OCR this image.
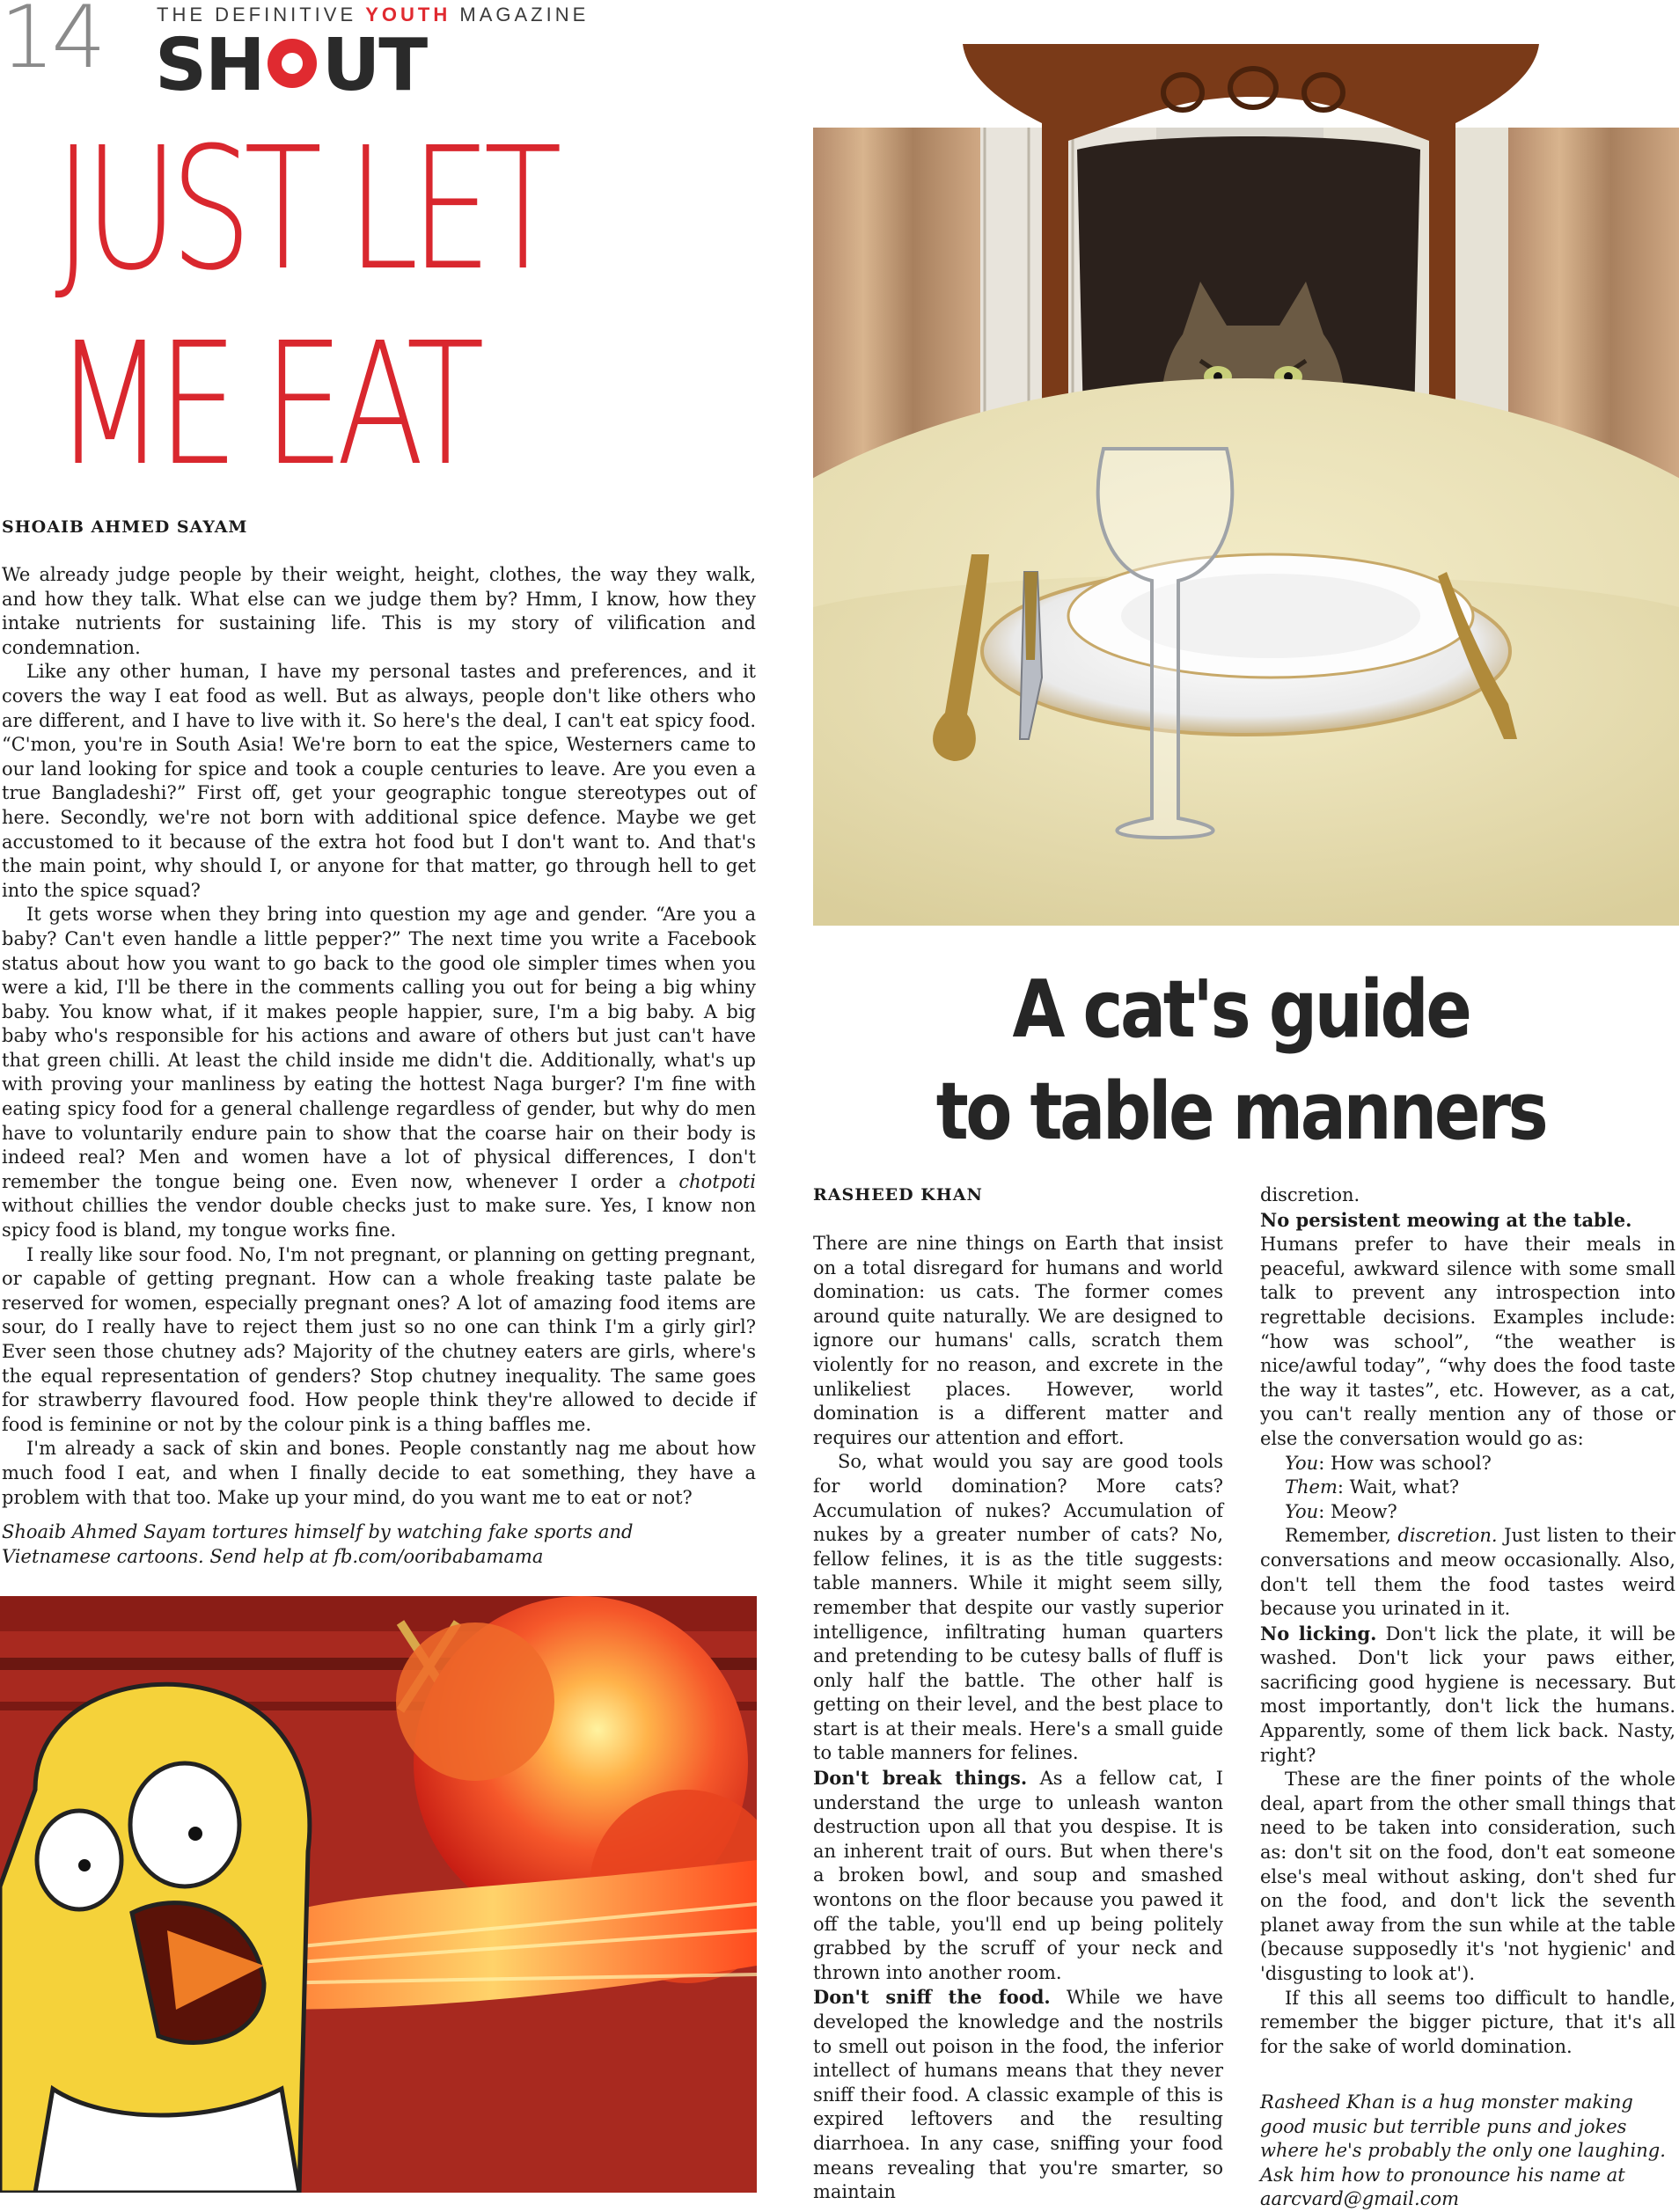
14	THE DEFINITIVE YOUTH MAGAZINE
SH UT
JUST LET
ME EAT
SHOAIB AHMED SAYAM

We already judge people by their weight, height, clothes, the way they walk, and how they talk. What else can we judge them by? Hmm, I know, how they intake nutrients for sustaining life. This is my story of vilification and condemnation.

Like any other human, I have my personal tastes and preferences, and it covers the way I eat food as well. But as always, people don't like others who are different, and I have to live with it. So here's the deal, I can't eat spicy food. “C'mon, you're in South Asia! We're born to eat the spice, Westerners came to our land looking for spice and took a couple centuries to leave. Are you even a true Bangladeshi?” First off, get your geographic tongue stereotypes out of here. Secondly, we're not born with additional spice defence. Maybe we get accustomed to it because of the extra hot food but I don't want to. And that's the main point, why should I, or anyone for that matter, go through hell to get into the spice squad?

It gets worse when they bring into question my age and gender. “Are you a baby? Can't even handle a little pepper?” The next time you write a Facebook status about how you want to go back to the good ole simpler times when you were a kid, I'll be there in the comments calling you out for being a big whiny baby. You know what, if it makes people happier, sure, I'm a big baby. A big baby who's responsible for his actions and aware of others but just can't have that green chilli. At least the child inside me didn't die. Additionally, what's up with proving your manliness by eating the hottest Naga burger? I'm fine with eating spicy food for a general challenge regardless of gender, but why do men have to voluntarily endure pain to show that the coarse hair on their body is indeed real? Men and women have a lot of physical differences, I don't remember the tongue being one. Even now, whenever I order a chotpoti without chillies the vendor double checks just to make sure. Yes, I know non spicy food is bland, my tongue works fine.

I really like sour food. No, I'm not pregnant, or planning on getting pregnant, or capable of getting pregnant. How can a whole freaking taste palate be reserved for women, especially pregnant ones? A lot of amazing food items are sour, do I really have to reject them just so no one can think I'm a girly girl? Ever seen those chutney ads? Majority of the chutney eaters are girls, where's the equal representation of genders? Stop chutney inequality. The same goes for strawberry flavoured food. How people think they're allowed to decide if food is feminine or not by the colour pink is a thing baffles me.

I'm already a sack of skin and bones. People constantly nag me about how much food I eat, and when I finally decide to eat something, they have a problem with that too. Make up your mind, do you want me to eat or not?

Shoaib Ahmed Sayam tortures himself by watching fake sports and Vietnamese cartoons. Send help at fb.com/ooribabamama
A cat's guide
to table manners
RASHEED KHAN

There are nine things on Earth that insist on a total disregard for humans and world domination: us cats. The former comes around quite naturally. We are designed to ignore our humans' calls, scratch them violently for no reason, and excrete in the unlikeliest places. However, world domination is a different matter and requires our attention and effort.

So, what would you say are good tools for world domination? More cats? Accumulation of nukes? Accumulation of nukes by a greater number of cats? No, fellow felines, it is as the title suggests: table manners. While it might seem silly, remember that despite our vastly superior intelligence, infiltrating human quarters and pretending to be cutesy balls of fluff is only half the battle. The other half is getting on their level, and the best place to start is at their meals. Here's a small guide to table manners for felines.

Don't break things. As a fellow cat, I understand the urge to unleash wanton destruction upon all that you despise. It is an inherent trait of ours. But when there's a broken bowl, and soup and smashed wontons on the floor because you pawed it off the table, you'll end up being politely grabbed by the scruff of your neck and thrown into another room.

Don't sniff the food. While we have developed the knowledge and the nostrils to smell out poison in the food, the inferior intellect of humans means that they never sniff their food. A classic example of this is expired leftovers and the resulting diarrhoea. In any case, sniffing your food means revealing that you're smarter, so maintain

discretion.

No persistent meowing at the table.

Humans prefer to have their meals in peaceful, awkward silence with some small talk to prevent any introspection into regrettable decisions. Examples include: “how was school”, “the weather is nice/awful today”, “why does the food taste the way it tastes”, etc. However, as a cat, you can't really mention any of those or else the conversation would go as:

You: How was school?

Them: Wait, what?

You: Meow?

Remember, discretion. Just listen to their conversations and meow occasionally. Also, don't tell them the food tastes weird because you urinated in it.

No licking. Don't lick the plate, it will be washed. Don't lick your paws either, sacrificing good hygiene is necessary. But most importantly, don't lick the humans. Apparently, some of them lick back. Nasty, right?

These are the finer points of the whole deal, apart from the other small things that need to be taken into consideration, such as: don't sit on the food, don't eat someone else's meal without asking, don't shed fur on the food, and don't lick the seventh planet away from the sun while at the table (because supposedly it's 'not hygienic' and 'disgusting to look at').

If this all seems too difficult to handle, remember the bigger picture, that it's all for the sake of world domination.

Rasheed Khan is a hug monster making good music but terrible puns and jokes where he's probably the only one laughing. Ask him how to pronounce his name at aarcvard@gmail.com
